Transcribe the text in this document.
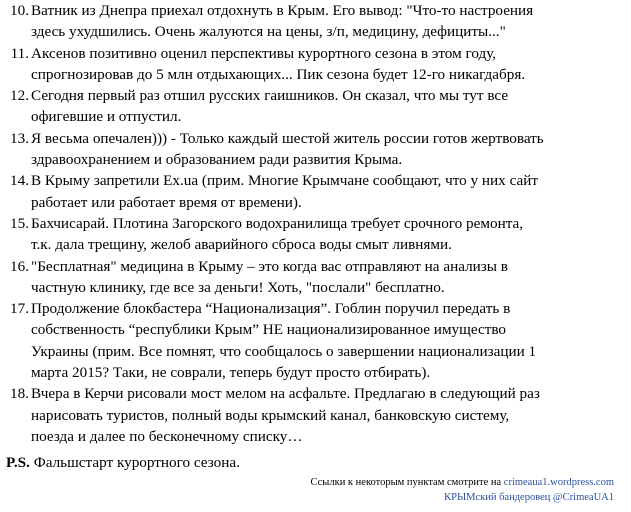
10. Ватник из Днепра приехал отдохнуть в Крым. Его вывод: "Что-то настроения
здесь ухудшились. Очень жалуются на цены, з/п, медицину, дефициты..."
11. Аксенов позитивно оценил перспективы курортного сезона в этом году,
спрогнозировав до 5 млн отдыхающих... Пик сезона будет 12-го никагдабря.
12. Сегодня первый раз отшил русских гаишников. Он сказал, что мы тут все
офигевшие и отпустил.
13. Я весьма опечален))) - Только каждый шестой житель россии готов жертвовать
здравоохранением и образованием ради развития Крыма.
14. В Крыму запретили Ex.ua (прим. Многие Крымчане сообщают, что у них сайт
работает или работает время от времени).
15. Бахчисарай. Плотина Загорского водохранилища требует срочного ремонта,
т.к. дала трещину, желоб аварийного сброса воды смыт ливнями.
16. "Бесплатная" медицина в Крыму – это когда вас отправляют на анализы в
частную клинику, где все за деньги! Хоть, "послали" бесплатно.
17. Продолжение блокбастера “Национализация”. Гоблин поручил передать в
собственность “республики Крым” НЕ национализированное имущество
Украины (прим. Все помнят, что сообщалось о завершении национализации 1
марта 2015? Таки, не соврали, теперь будут просто отбирать).
18. Вчера в Керчи рисовали мост мелом на асфальте. Предлагаю в следующий раз
нарисовать туристов, полный воды крымский канал, банковскую систему,
поезда и далее по бесконечному списку…
P.S. Фальшстарт курортного сезона.
Ссылки к некоторым пунктам смотрите на crimeaua1.wordpress.com
КРЫМский бандеровец @CrimeaUA1
